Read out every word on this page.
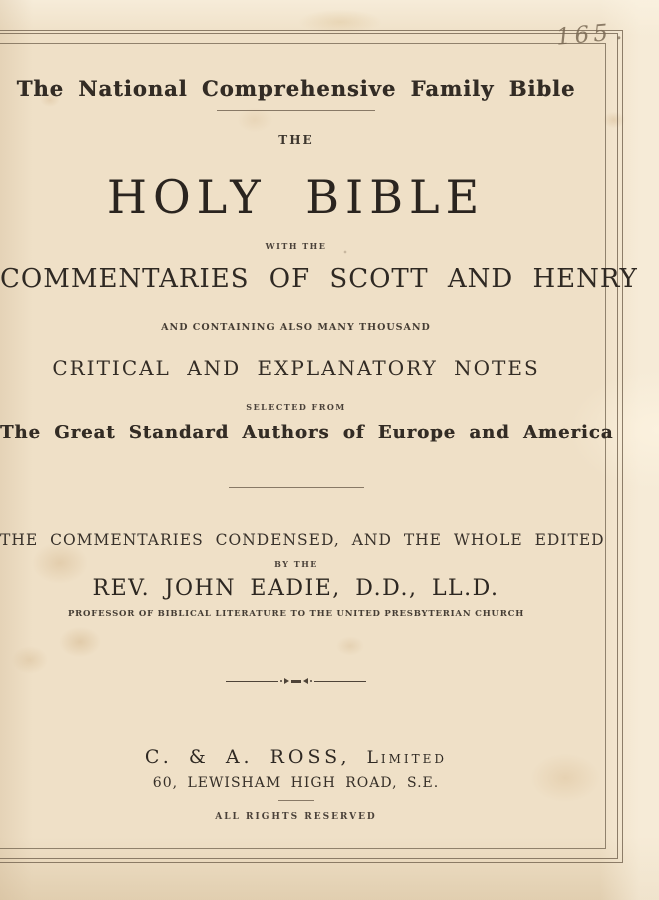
165
The National Comprehensive Family Bible
THE
HOLY BIBLE
WITH THE
COMMENTARIES OF SCOTT AND HENRY
AND CONTAINING ALSO MANY THOUSAND
CRITICAL AND EXPLANATORY NOTES
SELECTED FROM
The Great Standard Authors of Europe and America
THE COMMENTARIES CONDENSED, AND THE WHOLE EDITED
BY THE
REV. JOHN EADIE, D.D., LL.D.
PROFESSOR OF BIBLICAL LITERATURE TO THE UNITED PRESBYTERIAN CHURCH
C. & A. ROSS, Limited
60, LEWISHAM HIGH ROAD, S.E.
ALL RIGHTS RESERVED
